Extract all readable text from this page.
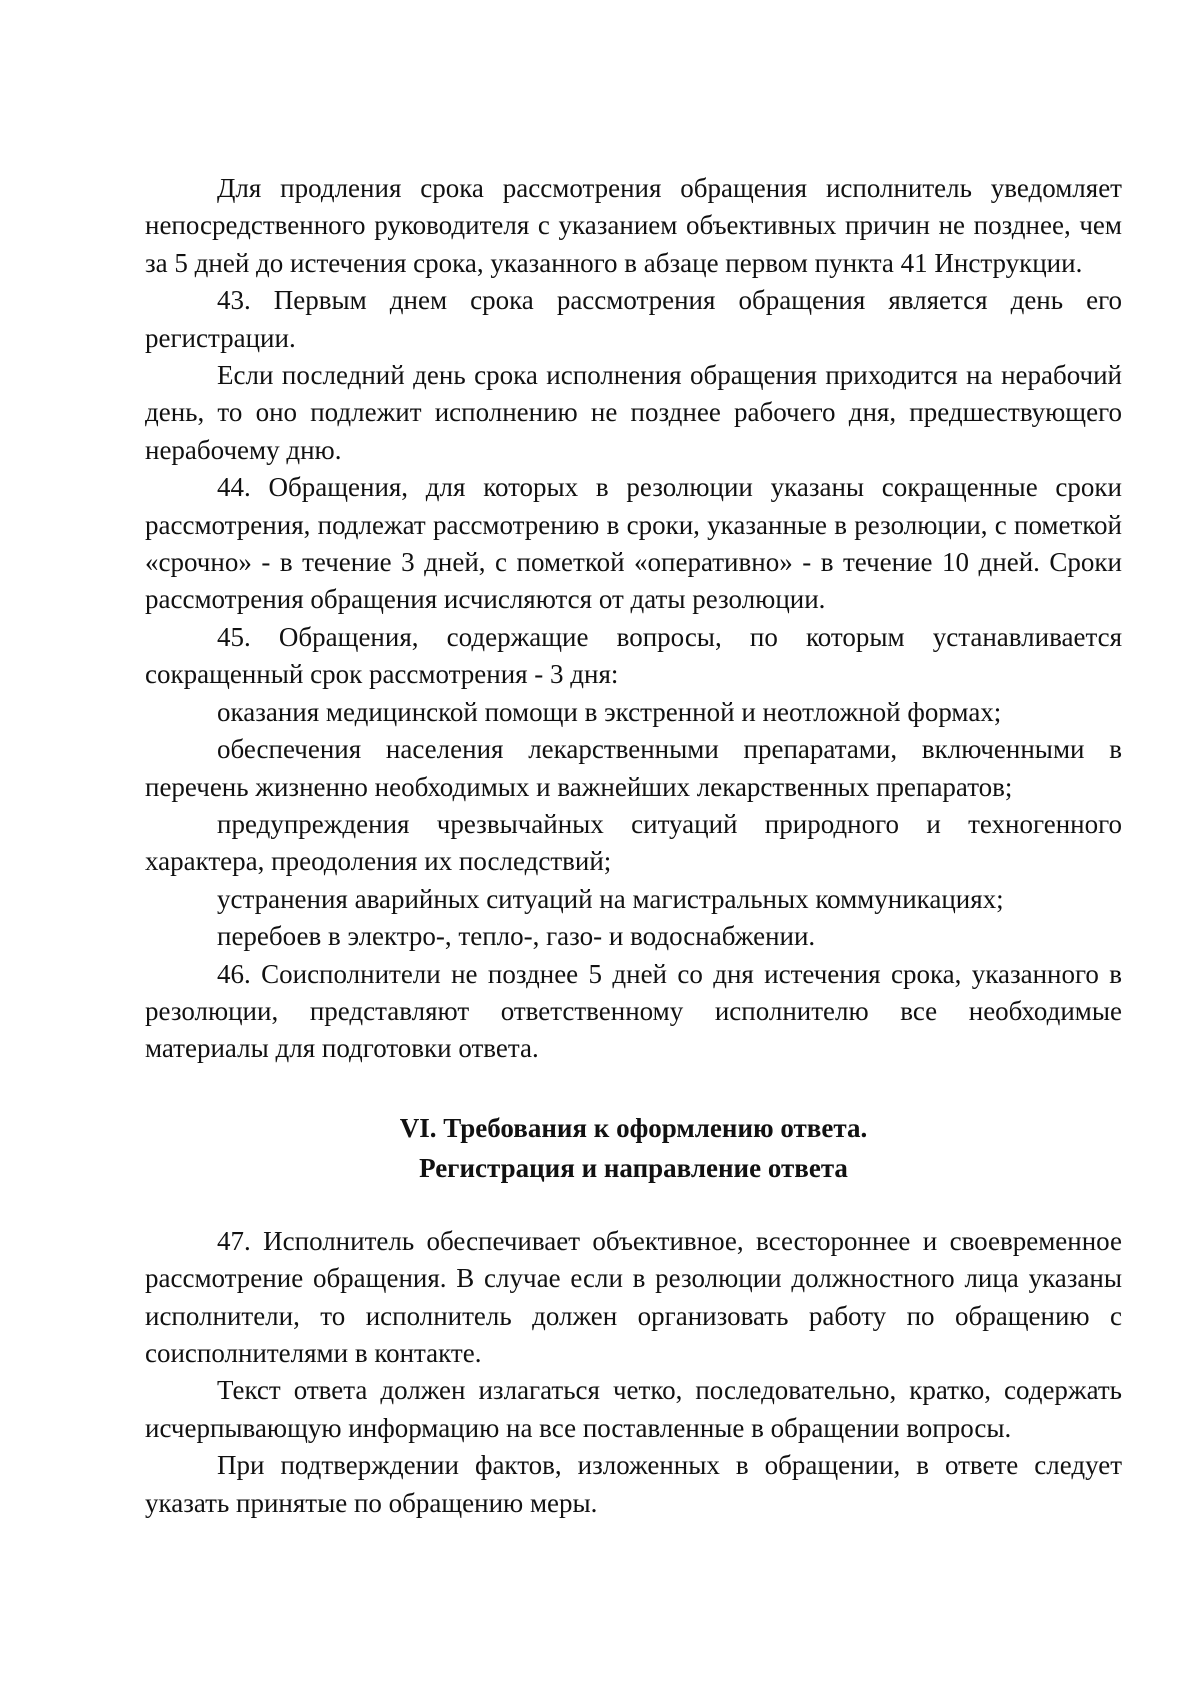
Для продления срока рассмотрения обращения исполнитель уведомляет непосредственного руководителя с указанием объективных причин не позднее, чем за 5 дней до истечения срока, указанного в абзаце первом пункта 41 Инструкции.

43. Первым днем срока рассмотрения обращения является день его регистрации.

Если последний день срока исполнения обращения приходится на нерабочий день, то оно подлежит исполнению не позднее рабочего дня, предшествующего нерабочему дню.

44. Обращения, для которых в резолюции указаны сокращенные сроки рассмотрения, подлежат рассмотрению в сроки, указанные в резолюции, с пометкой «срочно» - в течение 3 дней, с пометкой «оперативно» - в течение 10 дней. Сроки рассмотрения обращения исчисляются от даты резолюции.

45. Обращения, содержащие вопросы, по которым устанавливается сокращенный срок рассмотрения - 3 дня:

оказания медицинской помощи в экстренной и неотложной формах;

обеспечения населения лекарственными препаратами, включенными в перечень жизненно необходимых и важнейших лекарственных препаратов;

предупреждения чрезвычайных ситуаций природного и техногенного характера, преодоления их последствий;

устранения аварийных ситуаций на магистральных коммуникациях;

перебоев в электро-, тепло-, газо- и водоснабжении.

46. Соисполнители не позднее 5 дней со дня истечения срока, указанного в резолюции, представляют ответственному исполнителю все необходимые материалы для подготовки ответа.

VI. Требования к оформлению ответа.
Регистрация и направление ответа

47. Исполнитель обеспечивает объективное, всестороннее и своевременное рассмотрение обращения. В случае если в резолюции должностного лица указаны исполнители, то исполнитель должен организовать работу по обращению с соисполнителями в контакте.

Текст ответа должен излагаться четко, последовательно, кратко, содержать исчерпывающую информацию на все поставленные в обращении вопросы.

При подтверждении фактов, изложенных в обращении, в ответе следует указать принятые по обращению меры.
